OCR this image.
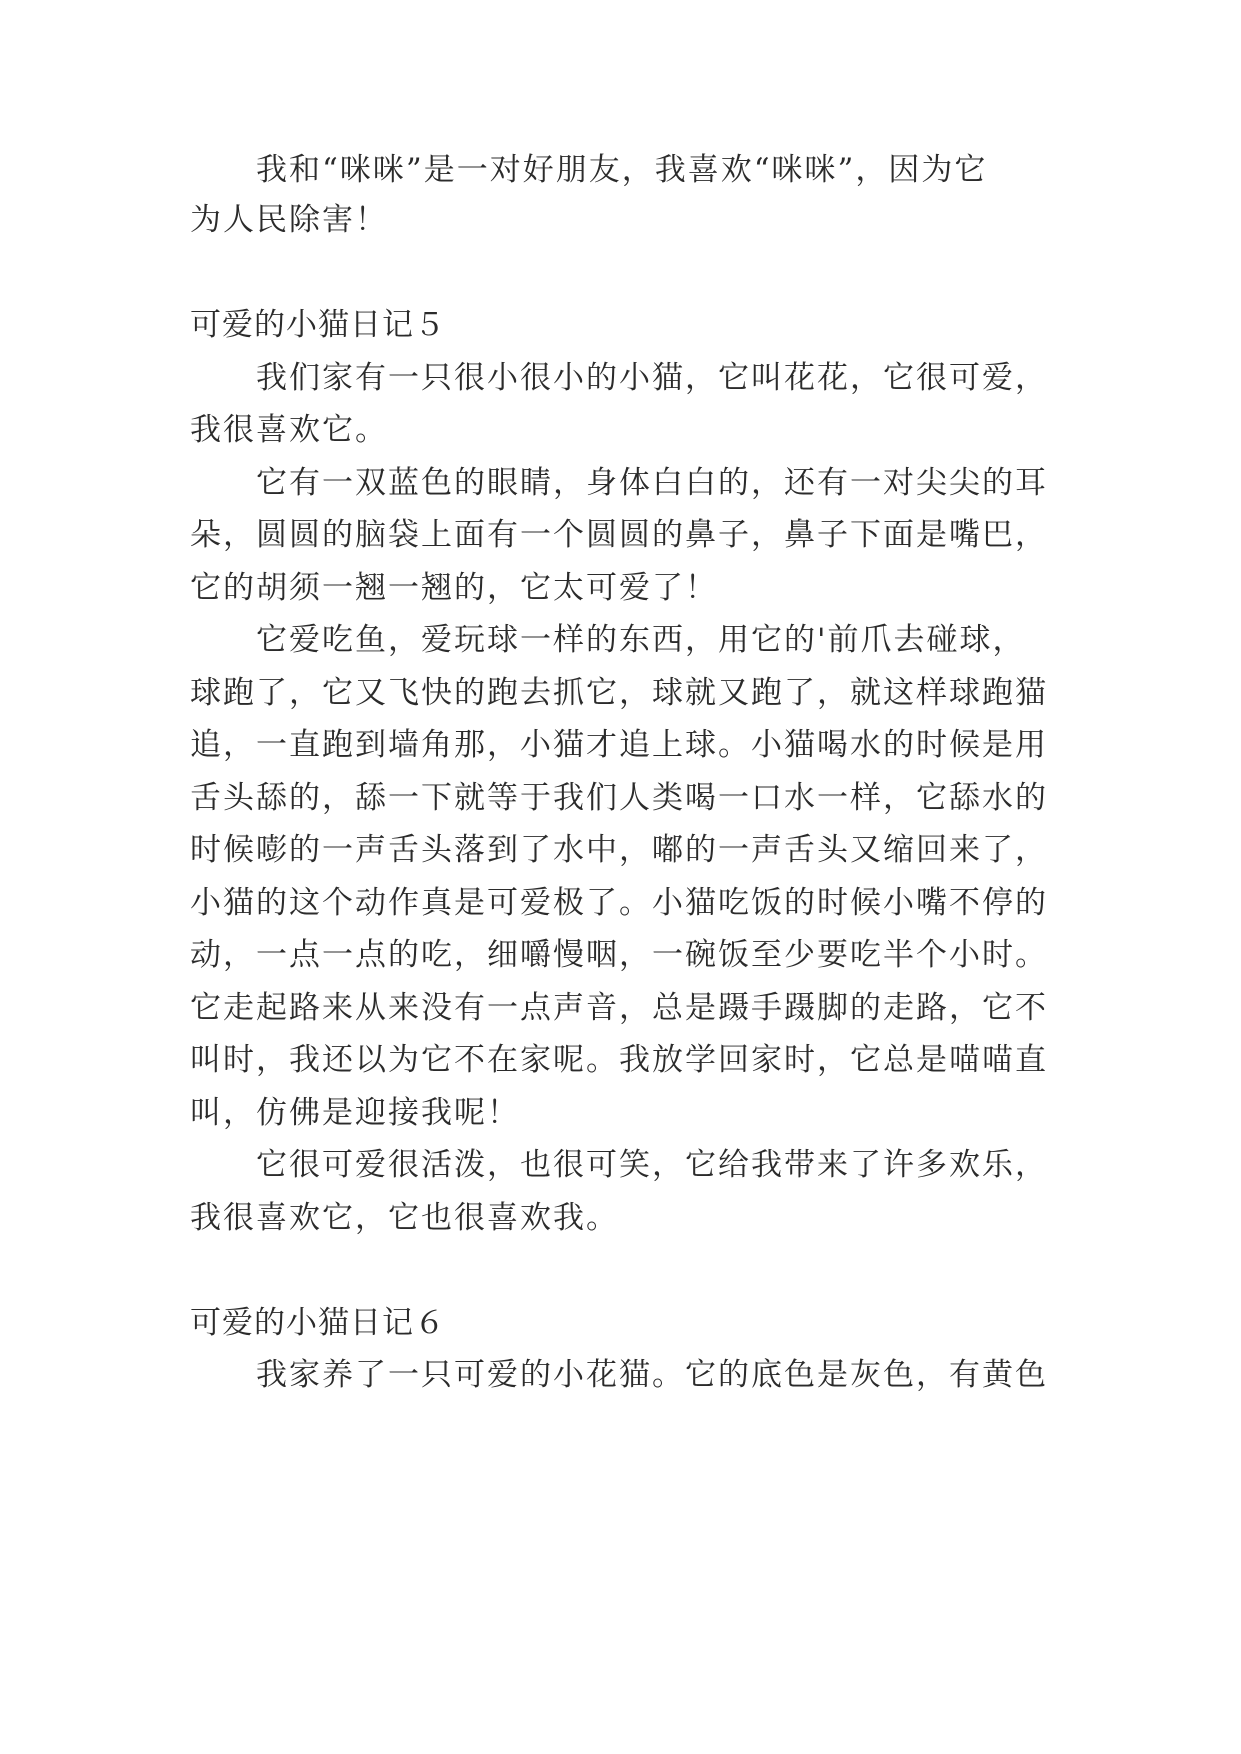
我和“咪咪”是一对好朋友，我喜欢“咪咪”，因为它
为人民除害！
可爱的小猫日记５
我们家有一只很小很小的小猫，它叫花花，它很可爱，
我很喜欢它。
它有一双蓝色的眼睛，身体白白的，还有一对尖尖的耳
朵，圆圆的脑袋上面有一个圆圆的鼻子，鼻子下面是嘴巴，
它的胡须一翘一翘的，它太可爱了！
它爱吃鱼，爱玩球一样的东西，用它的'前爪去碰球，
球跑了，它又飞快的跑去抓它，球就又跑了，就这样球跑猫
追，一直跑到墙角那，小猫才追上球。小猫喝水的时候是用
舌头舔的，舔一下就等于我们人类喝一口水一样，它舔水的
时候嘭的一声舌头落到了水中，嘟的一声舌头又缩回来了，
小猫的这个动作真是可爱极了。小猫吃饭的时候小嘴不停的
动，一点一点的吃，细嚼慢咽，一碗饭至少要吃半个小时。
它走起路来从来没有一点声音，总是蹑手蹑脚的走路，它不
叫时，我还以为它不在家呢。我放学回家时，它总是喵喵直
叫，仿佛是迎接我呢！
它很可爱很活泼，也很可笑，它给我带来了许多欢乐，
我很喜欢它，它也很喜欢我。
可爱的小猫日记６
我家养了一只可爱的小花猫。它的底色是灰色，有黄色
